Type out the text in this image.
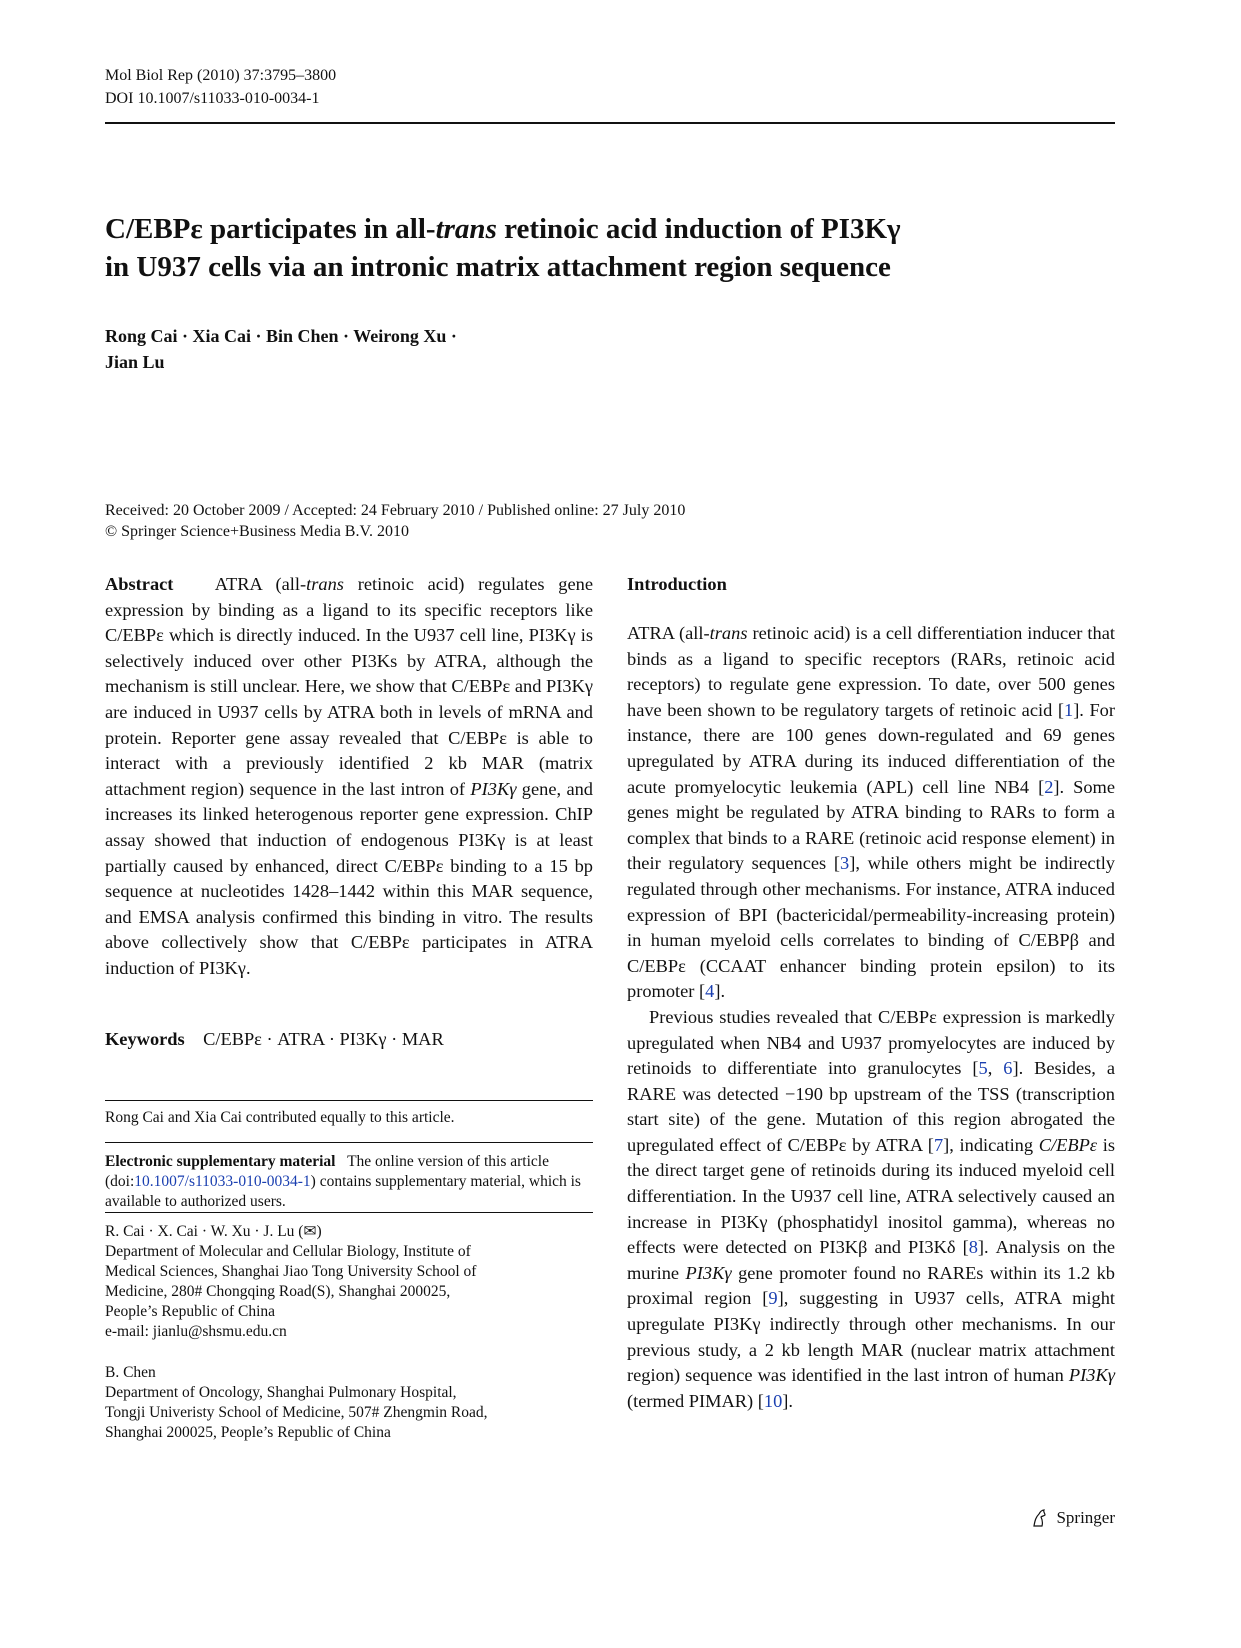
Mol Biol Rep (2010) 37:3795–3800
DOI 10.1007/s11033-010-0034-1
C/EBPε participates in all-trans retinoic acid induction of PI3Kγ
in U937 cells via an intronic matrix attachment region sequence
Rong Cai · Xia Cai · Bin Chen · Weirong Xu ·
Jian Lu
Received: 20 October 2009 / Accepted: 24 February 2010 / Published online: 27 July 2010
© Springer Science+Business Media B.V. 2010

Abstract ATRA (all-trans retinoic acid) regulates gene expression by binding as a ligand to its specific receptors like C/EBPε which is directly induced. In the U937 cell line, PI3Kγ is selectively induced over other PI3Ks by ATRA, although the mechanism is still unclear. Here, we show that C/EBPε and PI3Kγ are induced in U937 cells by ATRA both in levels of mRNA and protein. Reporter gene assay revealed that C/EBPε is able to interact with a previously identified 2 kb MAR (matrix attachment region) sequence in the last intron of PI3Kγ gene, and increases its linked heterogenous reporter gene expression. ChIP assay showed that induction of endogenous PI3Kγ is at least partially caused by enhanced, direct C/EBPε binding to a 15 bp sequence at nucleotides 1428–1442 within this MAR sequence, and EMSA analysis confirmed this binding in vitro. The results above collectively show that C/EBPε participates in ATRA induction of PI3Kγ.

Keywords C/EBPε · ATRA · PI3Kγ · MAR

Rong Cai and Xia Cai contributed equally to this article.
Electronic supplementary material The online version of this article (doi:10.1007/s11033-010-0034-1) contains supplementary material, which is available to authorized users.
R. Cai · X. Cai · W. Xu · J. Lu (✉)
Department of Molecular and Cellular Biology, Institute of
Medical Sciences, Shanghai Jiao Tong University School of
Medicine, 280# Chongqing Road(S), Shanghai 200025,
People’s Republic of China
e-mail: jianlu@shsmu.edu.cn
B. Chen
Department of Oncology, Shanghai Pulmonary Hospital,
Tongji Univeristy School of Medicine, 507# Zhengmin Road,
Shanghai 200025, People’s Republic of China
Introduction

ATRA (all-trans retinoic acid) is a cell differentiation inducer that binds as a ligand to specific receptors (RARs, retinoic acid receptors) to regulate gene expression. To date, over 500 genes have been shown to be regulatory targets of retinoic acid [1]. For instance, there are 100 genes down-regulated and 69 genes upregulated by ATRA during its induced differentiation of the acute promyelocytic leukemia (APL) cell line NB4 [2]. Some genes might be regulated by ATRA binding to RARs to form a complex that binds to a RARE (retinoic acid response element) in their regulatory sequences [3], while others might be indirectly regulated through other mechanisms. For instance, ATRA induced expression of BPI (bactericidal/permeability-increasing protein) in human myeloid cells correlates to binding of C/EBPβ and C/EBPε (CCAAT enhancer binding protein epsilon) to its promoter [4].

Previous studies revealed that C/EBPε expression is markedly upregulated when NB4 and U937 promyelocytes are induced by retinoids to differentiate into granulocytes [5, 6]. Besides, a RARE was detected −190 bp upstream of the TSS (transcription start site) of the gene. Mutation of this region abrogated the upregulated effect of C/EBPε by ATRA [7], indicating C/EBPε is the direct target gene of retinoids during its induced myeloid cell differentiation. In the U937 cell line, ATRA selectively caused an increase in PI3Kγ (phosphatidyl inositol gamma), whereas no effects were detected on PI3Kβ and PI3Kδ [8]. Analysis on the murine PI3Kγ gene promoter found no RAREs within its 1.2 kb proximal region [9], suggesting in U937 cells, ATRA might upregulate PI3Kγ indirectly through other mechanisms. In our previous study, a 2 kb length MAR (nuclear matrix attachment region) sequence was identified in the last intron of human PI3Kγ (termed PIMAR) [10].

Springer
